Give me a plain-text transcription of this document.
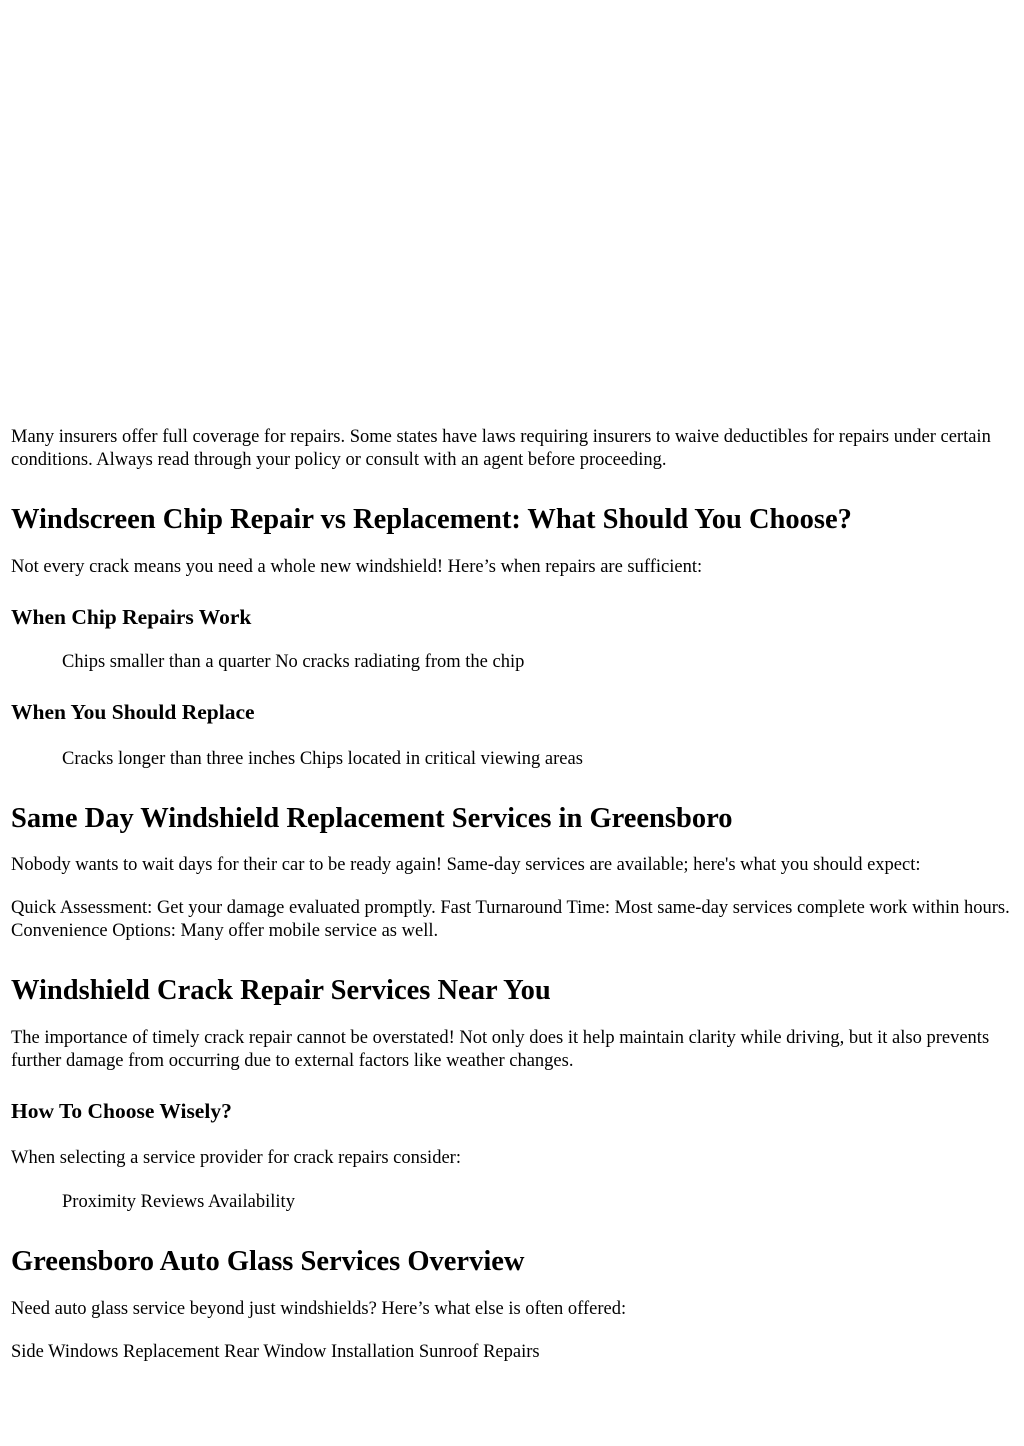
Many insurers offer full coverage for repairs. Some states have laws requiring insurers to waive deductibles for repairs under certain conditions. Always read through your policy or consult with an agent before proceeding.

Windscreen Chip Repair vs Replacement: What Should You Choose?

Not every crack means you need a whole new windshield! Here’s when repairs are sufficient:

When Chip Repairs Work

Chips smaller than a quarter No cracks radiating from the chip

When You Should Replace

Cracks longer than three inches Chips located in critical viewing areas

Same Day Windshield Replacement Services in Greensboro

Nobody wants to wait days for their car to be ready again! Same-day services are available; here's what you should expect:

Quick Assessment: Get your damage evaluated promptly. Fast Turnaround Time: Most same-day services complete work within hours. Convenience Options: Many offer mobile service as well.

Windshield Crack Repair Services Near You

The importance of timely crack repair cannot be overstated! Not only does it help maintain clarity while driving, but it also prevents further damage from occurring due to external factors like weather changes.

How To Choose Wisely?

When selecting a service provider for crack repairs consider:

Proximity Reviews Availability

Greensboro Auto Glass Services Overview

Need auto glass service beyond just windshields? Here’s what else is often offered:

Side Windows Replacement Rear Window Installation Sunroof Repairs
